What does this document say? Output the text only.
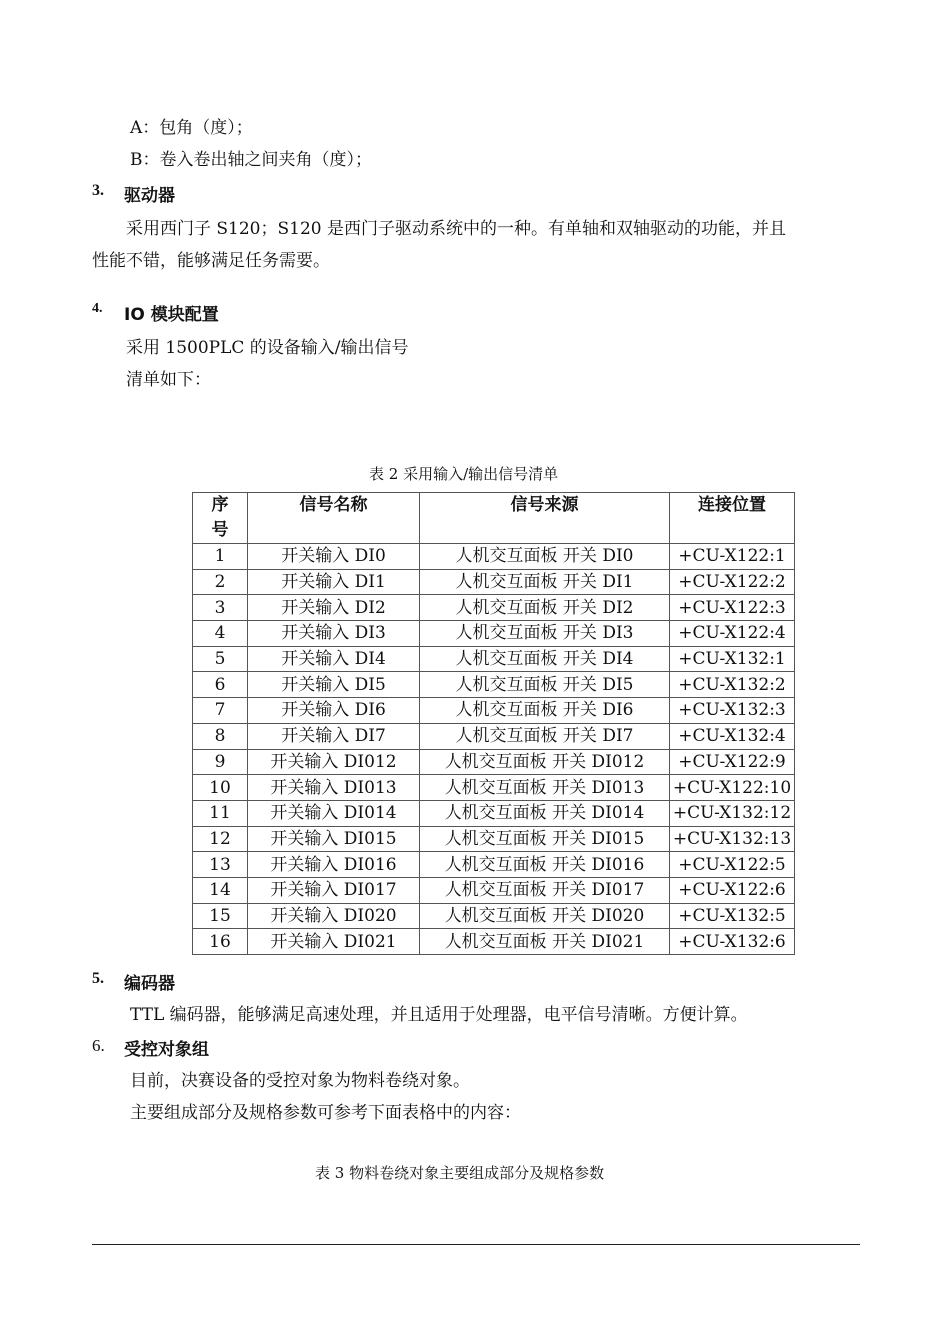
A：包角（度）；
B：卷入卷出轴之间夹角（度）；
3. 驱动器
采用西门子 S120；S120 是西门子驱动系统中的一种。有单轴和双轴驱动的功能，并且
性能不错，能够满足任务需要。
4. IO 模块配置
采用 1500PLC 的设备输入/输出信号
清单如下：
表 2 采用输入/输出信号清单
序号	信号名称	信号来源	连接位置
1	开关输入 DI0	人机交互面板 开关 DI0	+CU-X122:1
2	开关输入 DI1	人机交互面板 开关 DI1	+CU-X122:2
3	开关输入 DI2	人机交互面板 开关 DI2	+CU-X122:3
4	开关输入 DI3	人机交互面板 开关 DI3	+CU-X122:4
5	开关输入 DI4	人机交互面板 开关 DI4	+CU-X132:1
6	开关输入 DI5	人机交互面板 开关 DI5	+CU-X132:2
7	开关输入 DI6	人机交互面板 开关 DI6	+CU-X132:3
8	开关输入 DI7	人机交互面板 开关 DI7	+CU-X132:4
9	开关输入 DI012	人机交互面板 开关 DI012	+CU-X122:9
10	开关输入 DI013	人机交互面板 开关 DI013	+CU-X122:10
11	开关输入 DI014	人机交互面板 开关 DI014	+CU-X132:12
12	开关输入 DI015	人机交互面板 开关 DI015	+CU-X132:13
13	开关输入 DI016	人机交互面板 开关 DI016	+CU-X122:5
14	开关输入 DI017	人机交互面板 开关 DI017	+CU-X122:6
15	开关输入 DI020	人机交互面板 开关 DI020	+CU-X132:5
16	开关输入 DI021	人机交互面板 开关 DI021	+CU-X132:6
5. 编码器
TTL 编码器，能够满足高速处理，并且适用于处理器，电平信号清晰。方便计算。
6. 受控对象组
目前，决赛设备的受控对象为物料卷绕对象。
主要组成部分及规格参数可参考下面表格中的内容：
表 3 物料卷绕对象主要组成部分及规格参数
